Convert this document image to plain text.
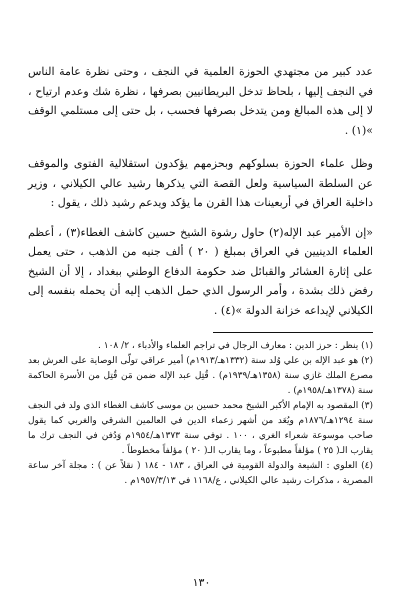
عدد كبير من مجتهدي الحوزة العلمية في النجف ، وحتى نظرة عامة الناس في النجف إليها ، بلحاظ تدخل البريطانيين بصرفها ، نظرة شك وعدم ارتياح ، لا إلى هذه المبالغ ومن يتدخل بصرفها فحسب ، بل حتى إلى مستلمي الوقف »(١) .

وظل علماء الحوزة بسلوكهم وبحزمهم يؤكدون استقلالية الفتوى والموقف عن السلطة السياسية ولعل القصة التي يذكرها رشيد عالي الكيلاني ، وزير داخلية العراق في أربعينات هذا القرن ما يؤكد ويدعم رشيد ذلك ، يقول :

«إن الأمير عبد الإله(٢) حاول رشوة الشيخ حسين كاشف الغطاء(٣) ، أعظم العلماء الدينيين في العراق بمبلغ ( ٢٠ ) ألف جنيه من الذهب ، حتى يعمل على إثارة العشائر والقبائل ضد حكومة الدفاع الوطني ببغداد ، إلا أن الشيخ رفض ذلك بشدة ، وأمر الرسول الذي حمل الذهب إليه أن يحمله بنفسه إلى الكيلاني لإيداعه خزانة الدولة »(٤) .

(١) ينظر : حرز الدين : معارف الرجال في تراجم العلماء والأدباء ، ٢/ ١٠٨ .

(٢) هو عبد الإله بن علي وُلد سنة (١٣٣٢هـ/١٩١٣م) أمير عراقي تولّى الوصاية على العرش بعد مصرع الملك غازي سنة (١٣٥٨هـ/١٩٣٩م) . قُتِل عبد الإله ضمن مَن قُتِل من الأسرة الحاكمة سنة (١٣٧٨هـ/١٩٥٨م) .

(٣) المقصود به الإمام الأكبر الشيخ محمد حسين بن موسى كاشف الغطاء الذي ولد في النجف سنة ١٢٩٤هـ/١٨٧٦م ويُعَد من أشهر زعماء الدين في العالمين الشرقي والغربي كما يقول صاحب موسوعة شعراء الغري ، ١٠٠ . توفي سنة ١٣٧٣هـ/١٩٥٤م وَدُفن في النجف ترك ما يقارب الـ( ٢٥ ) مؤلفاً مطبوعاً ، وما يقارب الـ( ٢٠ ) مؤلفاً مخطوطاً .

(٤) العلوي : الشيعة والدولة القومية في العراق ، ١٨٣ - ١٨٤ ( نقلاً عن ) : مجلة آخر ساعة المصرية ، مذكرات رشيد عالي الكيلاني ، ع/١١٦٨ في ١٩٥٧/٣/١٣م .

١٣٠
